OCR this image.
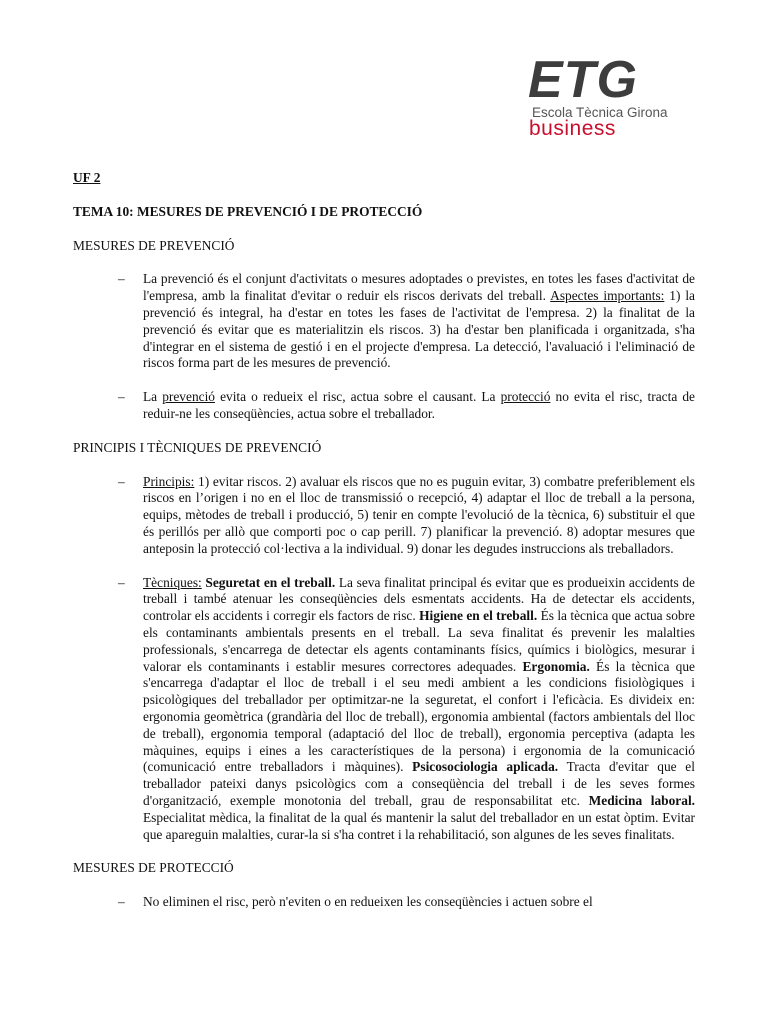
ETG
Escola Tècnica Girona
business
UF 2
TEMA 10: MESURES DE PREVENCIÓ I DE PROTECCIÓ
MESURES DE PREVENCIÓ
– La prevenció és el conjunt d'activitats o mesures adoptades o previstes, en totes les fases d'activitat de l'empresa, amb la finalitat d'evitar o reduir els riscos derivats del treball. Aspectes importants: 1) la prevenció és integral, ha d'estar en totes les fases de l'activitat de l'empresa. 2) la finalitat de la prevenció és evitar que es materialitzin els riscos. 3) ha d'estar ben planificada i organitzada, s'ha d'integrar en el sistema de gestió i en el projecte d'empresa. La detecció, l'avaluació i l'eliminació de riscos forma part de les mesures de prevenció.
– La prevenció evita o redueix el risc, actua sobre el causant. La protecció no evita el risc, tracta de reduir-ne les conseqüències, actua sobre el treballador.
PRINCIPIS I TÈCNIQUES DE PREVENCIÓ
– Principis: 1) evitar riscos. 2) avaluar els riscos que no es puguin evitar, 3) combatre preferiblement els riscos en l’origen i no en el lloc de transmissió o recepció, 4) adaptar el lloc de treball a la persona, equips, mètodes de treball i producció, 5) tenir en compte l'evolució de la tècnica, 6) substituir el que és perillós per allò que comporti poc o cap perill. 7) planificar la prevenció. 8) adoptar mesures que anteposin la protecció col·lectiva a la individual. 9) donar les degudes instruccions als treballadors.
– Tècniques: Seguretat en el treball. La seva finalitat principal és evitar que es produeixin accidents de treball i també atenuar les conseqüències dels esmentats accidents. Ha de detectar els accidents, controlar els accidents i corregir els factors de risc. Higiene en el treball. És la tècnica que actua sobre els contaminants ambientals presents en el treball. La seva finalitat és prevenir les malalties professionals, s'encarrega de detectar els agents contaminants físics, químics i biològics, mesurar i valorar els contaminants i establir mesures correctores adequades. Ergonomia. És la tècnica que s'encarrega d'adaptar el lloc de treball i el seu medi ambient a les condicions fisiològiques i psicològiques del treballador per optimitzar-ne la seguretat, el confort i l'eficàcia. Es divideix en: ergonomia geomètrica (grandària del lloc de treball), ergonomia ambiental (factors ambientals del lloc de treball), ergonomia temporal (adaptació del lloc de treball), ergonomia perceptiva (adapta les màquines, equips i eines a les característiques de la persona) i ergonomia de la comunicació (comunicació entre treballadors i màquines). Psicosociologia aplicada. Tracta d'evitar que el treballador pateixi danys psicològics com a conseqüència del treball i de les seves formes d'organització, exemple monotonia del treball, grau de responsabilitat etc. Medicina laboral. Especialitat mèdica, la finalitat de la qual és mantenir la salut del treballador en un estat òptim. Evitar que apareguin malalties, curar-la si s'ha contret i la rehabilitació, son algunes de les seves finalitats.
MESURES DE PROTECCIÓ
– No eliminen el risc, però n'eviten o en redueixen les conseqüències i actuen sobre el
